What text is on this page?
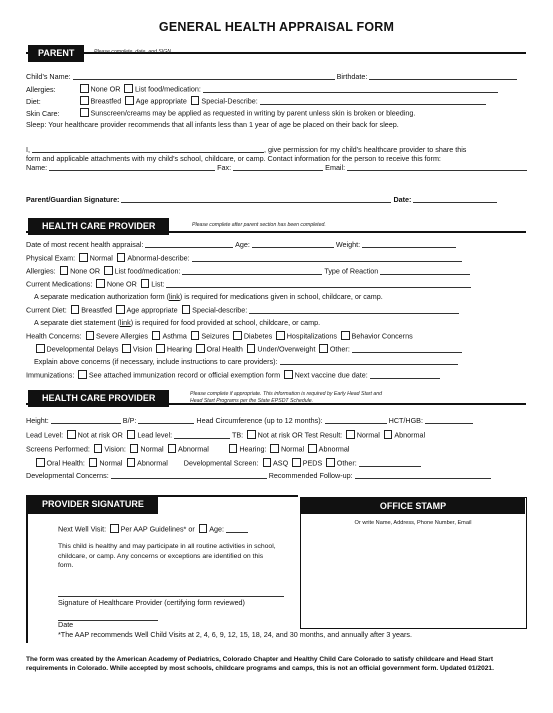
GENERAL HEALTH APPRAISAL FORM
PARENT	Please complete, date, and SIGN.
Child’s Name:	Birthdate:
Allergies:	None OR List food/medication:
Diet:	Breastfed Age appropriate Special-Describe:
Skin Care:	Sunscreen/creams may be applied as requested in writing by parent unless skin is broken or bleeding.
Sleep: Your healthcare provider recommends that all infants less than 1 year of age be placed on their back for sleep.
I,	, give permission for my child’s healthcare provider to share this
form and applicable attachments with my child’s school, childcare, or camp. Contact information for the person to receive this form:
Name:	Fax:	Email:
Parent/Guardian Signature:	Date:
HEALTH CARE PROVIDER	Please complete after parent section has been completed.
Date of most recent health appraisal:	Age:	Weight:
Physical Exam: Normal Abnormal-describe:
Allergies: None OR List food/medication:	Type of Reaction
Current Medications: None OR List:
A separate medication authorization form (link) is required for medications given in school, childcare, or camp.
Current Diet: Breastfed Age appropriate Special-describe:
A separate diet statement (link) is required for food provided at school, childcare, or camp.
Health Concerns: Severe Allergies Asthma Seizures Diabetes Hospitalizations Behavior Concerns
Developmental Delays Vision Hearing Oral Health Under/Overweight Other:
Explain above concerns (if necessary, include instructions to care providers):
Immunizations: See attached immunization record or official exemption form Next vaccine due date:
HEALTH CARE PROVIDER	Please complete if appropriate. This information is required by Early Head Start and
Head Start Programs per the State EPSDT Schedule.
Height:	B/P:	Head Circumference (up to 12 months):	HCT/HGB:
Lead Level: Not at risk OR Lead level:	TB: Not at risk OR Test Result: Normal Abnormal
Screens Performed: Vision: Normal Abnormal	Hearing: Normal Abnormal
Oral Health: Normal Abnormal Developmental Screen: ASQ PEDS Other:
Developmental Concerns:	Recommended Follow-up:
PROVIDER SIGNATURE
Next Well Visit: Per AAP Guidelines* or Age:
This child is healthy and may participate in all routine activities in school, childcare, or camp. Any concerns or exceptions are identified on this form.
Signature of Healthcare Provider (certifying form reviewed)
Date
*The AAP recommends Well Child Visits at 2, 4, 6, 9, 12, 15, 18, 24, and 30 months, and annually after 3 years.
OFFICE STAMP
Or write Name, Address, Phone Number, Email
The form was created by the American Academy of Pediatrics, Colorado Chapter and Healthy Child Care Colorado to satisfy childcare and Head Start requirements in Colorado. While accepted by most schools, childcare programs and camps, this is not an official government form. Updated 01/2021.
